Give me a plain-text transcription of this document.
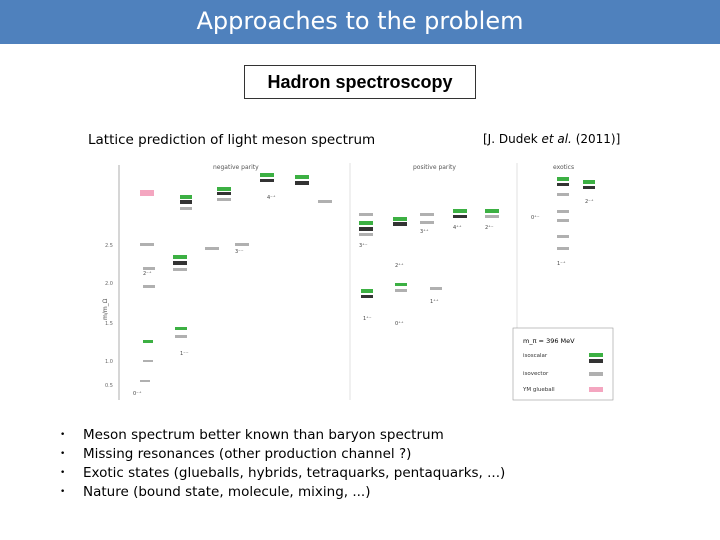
Approaches to the problem
Hadron spectroscopy
Lattice prediction of light meson spectrum	[J. Dudek et al. (2011)]
2.5
2.0
1.5
1.0
0.5
m/m_Ω
negative parity	positive parity	exotics
0⁻⁺
1⁻⁻
2⁻⁺
3⁻⁻
4⁻⁺
1⁺⁻
0⁺⁺
1⁺⁺
2⁺⁺
3⁺⁺
4⁺⁺
3⁺⁻
2⁺⁻
0⁺⁻
1⁻⁺
2⁻⁺
m_π = 396 MeV
isoscalar
isovector
YM glueball
• Meson spectrum better known than baryon spectrum
• Missing resonances (other production channel ?)
• Exotic states (glueballs, hybrids, tetraquarks, pentaquarks, ...)
• Nature (bound state, molecule, mixing, ...)
